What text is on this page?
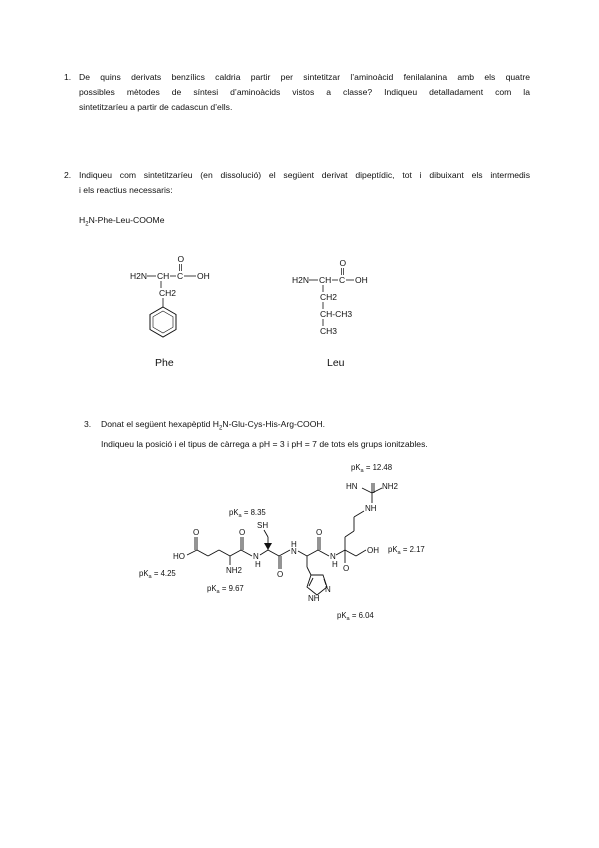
1. De quins derivats benzílics caldria partir per sintetitzar l’aminoàcid fenilalanina amb els quatre
possibles mètodes de síntesi d’aminoàcids vistos a classe? Indiqueu detalladament com la
sintetitzaríeu a partir de cadascun d’ells.
2. Indiqueu com sintetitzaríeu (en dissolució) el següent derivat dipeptídic, tot i dibuixant els intermedis
i els reactius necessaris:
$H_2N-Phe-Leu$-COOMe
H2N CH C
O
OH
CH2
Phe
H2N CH C
O
OH
CH2
CH-CH3
CH3
Leu
3. Donat el següent hexapèptid $H_2N-Glu-Cys-His-Arg$-COOH.
Indiqueu la posició i el tipus de càrrega a pH = 3 i pH = 7 de tots els grups ionitzables.
HO
O
NH2
O
SH
N
H
O
H
N
O
N
H O
OH
NH
N
NH
HN	NH2
$pK_a = 12.48$
$pK_a = 8.35$
$pK_a = 2.17$
$pK_a = 4.25$
$pK_a = 9.67$
$pK_a = 6.04$
